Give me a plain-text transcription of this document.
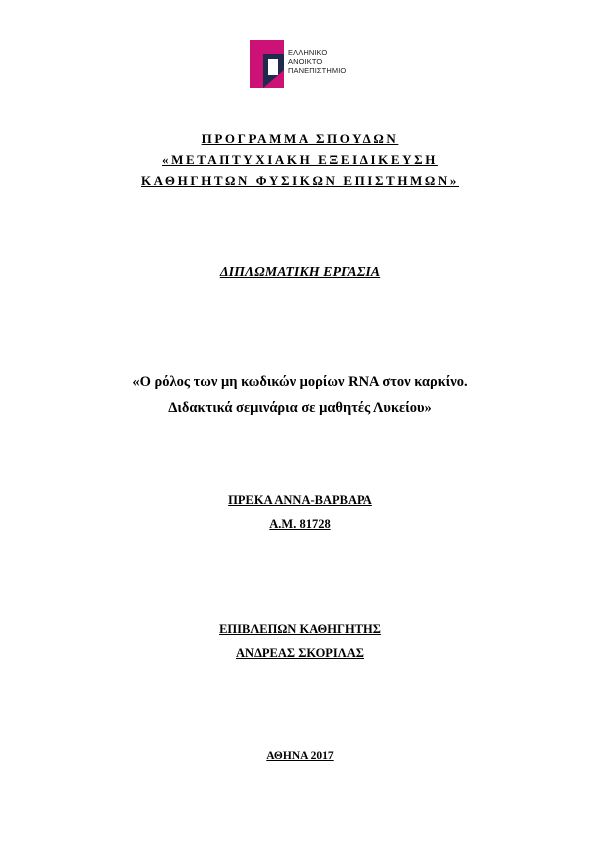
ΕΛΛΗΝΙΚΟ
ΑΝΟΙΚΤΟ
ΠΑΝΕΠΙΣΤΗΜΙΟ
ΠΡΟΓΡΑΜΜΑ ΣΠΟΥΔΩΝ
«ΜΕΤΑΠΤΥΧΙΑΚΗ ΕΞΕΙΔΙΚΕΥΣΗ
ΚΑΘΗΓΗΤΩΝ ΦΥΣΙΚΩΝ ΕΠΙΣΤΗΜΩΝ»
ΔΙΠΛΩΜΑΤΙΚΗ ΕΡΓΑΣΙΑ
«Ο ρόλος των μη κωδικών μορίων RNA στον καρκίνο.
Διδακτικά σεμινάρια σε μαθητές Λυκείου»
ΠΡΕΚΑ ΑΝΝΑ-ΒΑΡΒΑΡΑ
Α.Μ. 81728
ΕΠΙΒΛΕΠΩΝ ΚΑΘΗΓΗΤΗΣ
ΑΝΔΡΕΑΣ ΣΚΟΡΙΛΑΣ
ΑΘΗΝΑ 2017
